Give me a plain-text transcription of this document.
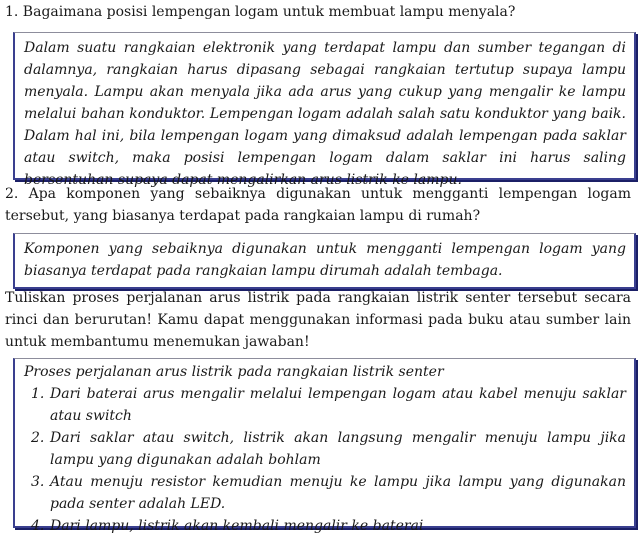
1. Bagaimana posisi lempengan logam untuk membuat lampu menyala?

Dalam suatu rangkaian elektronik yang terdapat lampu dan sumber tegangan di dalamnya, rangkaian harus dipasang sebagai rangkaian tertutup supaya lampu menyala. Lampu akan menyala jika ada arus yang cukup yang mengalir ke lampu melalui bahan konduktor. Lempengan logam adalah salah satu konduktor yang baik. Dalam hal ini, bila lempengan logam yang dimaksud adalah lempengan pada saklar atau switch, maka posisi lempengan logam dalam saklar ini harus saling bersentuhan supaya dapat mengalirkan arus listrik ke lampu.

2. Apa komponen yang sebaiknya digunakan untuk mengganti lempengan logam tersebut, yang biasanya terdapat pada rangkaian lampu di rumah?

Komponen yang sebaiknya digunakan untuk mengganti lempengan logam yang biasanya terdapat pada rangkaian lampu dirumah adalah tembaga.

Tuliskan proses perjalanan arus listrik pada rangkaian listrik senter tersebut secara rinci dan berurutan! Kamu dapat menggunakan informasi pada buku atau sumber lain untuk membantumu menemukan jawaban!

Proses perjalanan arus listrik pada rangkaian listrik senter

1. Dari baterai arus mengalir melalui lempengan logam atau kabel menuju saklar atau switch
2. Dari saklar atau switch, listrik akan langsung mengalir menuju lampu jika lampu yang digunakan adalah bohlam
3. Atau menuju resistor kemudian menuju ke lampu jika lampu yang digunakan pada senter adalah LED.
4. Dari lampu, listrik akan kembali mengalir ke baterai
